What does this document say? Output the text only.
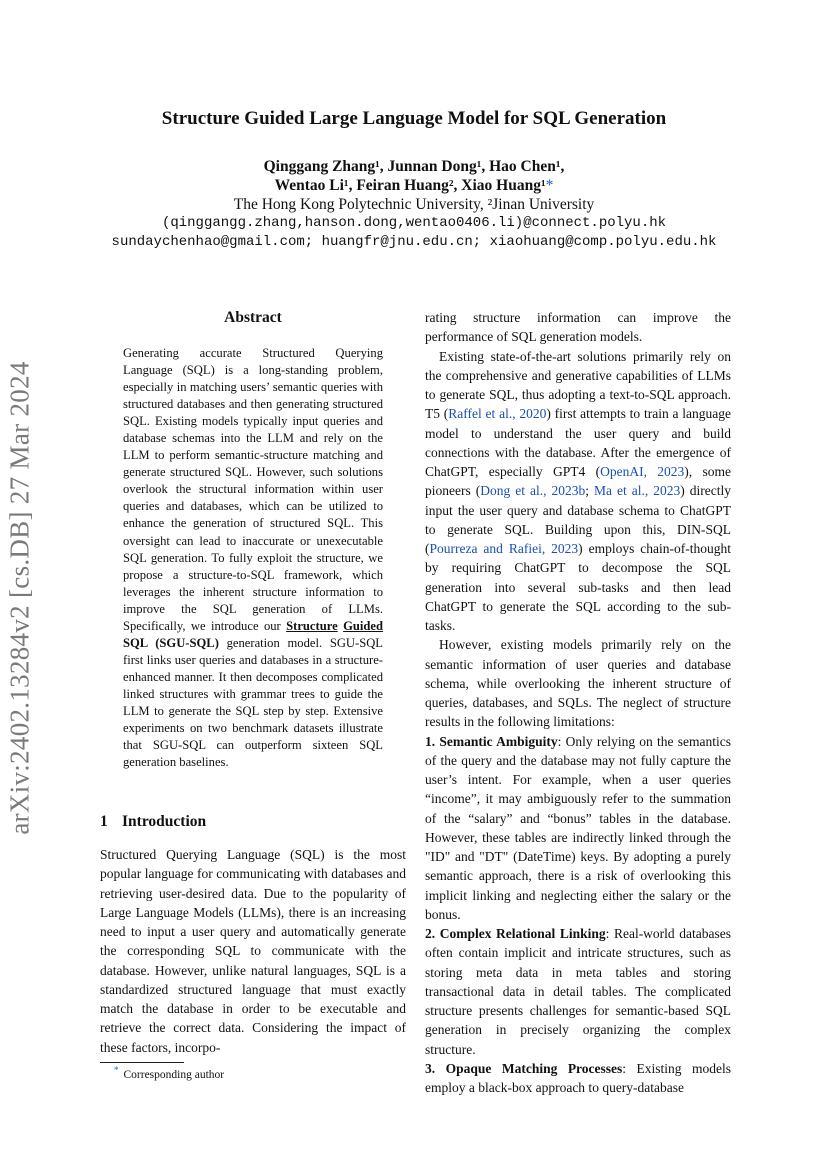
arXiv:2402.13284v2 [cs.DB] 27 Mar 2024
Structure Guided Large Language Model for SQL Generation
Qinggang Zhang¹, Junnan Dong¹, Hao Chen¹,
Wentao Li¹, Feiran Huang², Xiao Huang¹*
The Hong Kong Polytechnic University, ²Jinan University
(qinggangg.zhang,hanson.dong,wentao0406.li)@connect.polyu.hk
sundaychenhao@gmail.com; huangfr@jnu.edu.cn; xiaohuang@comp.polyu.edu.hk
Abstract
Generating accurate Structured Querying Language (SQL) is a long-standing problem, especially in matching users’ semantic queries with structured databases and then generating structured SQL. Existing models typically input queries and database schemas into the LLM and rely on the LLM to perform semantic-structure matching and generate structured SQL. However, such solutions overlook the structural information within user queries and databases, which can be utilized to enhance the generation of structured SQL. This oversight can lead to inaccurate or unexecutable SQL generation. To fully exploit the structure, we propose a structure-to-SQL framework, which leverages the inherent structure information to improve the SQL generation of LLMs. Specifically, we introduce our Structure Guided SQL (SGU-SQL) generation model. SGU-SQL first links user queries and databases in a structure-enhanced manner. It then decomposes complicated linked structures with grammar trees to guide the LLM to generate the SQL step by step. Extensive experiments on two benchmark datasets illustrate that SGU-SQL can outperform sixteen SQL generation baselines.
1 Introduction

Structured Querying Language (SQL) is the most popular language for communicating with databases and retrieving user-desired data. Due to the popularity of Large Language Models (LLMs), there is an increasing need to input a user query and automatically generate the corresponding SQL to communicate with the database. However, unlike natural languages, SQL is a standardized structured language that must exactly match the database in order to be executable and retrieve the correct data. Considering the impact of these factors, incorpo-

rating structure information can improve the performance of SQL generation models.

Existing state-of-the-art solutions primarily rely on the comprehensive and generative capabilities of LLMs to generate SQL, thus adopting a text-to-SQL approach. T5 (Raffel et al., 2020) first attempts to train a language model to understand the user query and build connections with the database. After the emergence of ChatGPT, especially GPT4 (OpenAI, 2023), some pioneers (Dong et al., 2023b; Ma et al., 2023) directly input the user query and database schema to ChatGPT to generate SQL. Building upon this, DIN-SQL (Pourreza and Rafiei, 2023) employs chain-of-thought by requiring ChatGPT to decompose the SQL generation into several sub-tasks and then lead ChatGPT to generate the SQL according to the sub-tasks.

However, existing models primarily rely on the semantic information of user queries and database schema, while overlooking the inherent structure of queries, databases, and SQLs. The neglect of structure results in the following limitations:

1. Semantic Ambiguity: Only relying on the semantics of the query and the database may not fully capture the user’s intent. For example, when a user queries “income”, it may ambiguously refer to the summation of the “salary” and “bonus” tables in the database. However, these tables are indirectly linked through the "ID" and "DT" (DateTime) keys. By adopting a purely semantic approach, there is a risk of overlooking this implicit linking and neglecting either the salary or the bonus.

2. Complex Relational Linking: Real-world databases often contain implicit and intricate structures, such as storing meta data in meta tables and storing transactional data in detail tables. The complicated structure presents challenges for semantic-based SQL generation in precisely organizing the complex structure.

3. Opaque Matching Processes: Existing models employ a black-box approach to query-database

* Corresponding author
